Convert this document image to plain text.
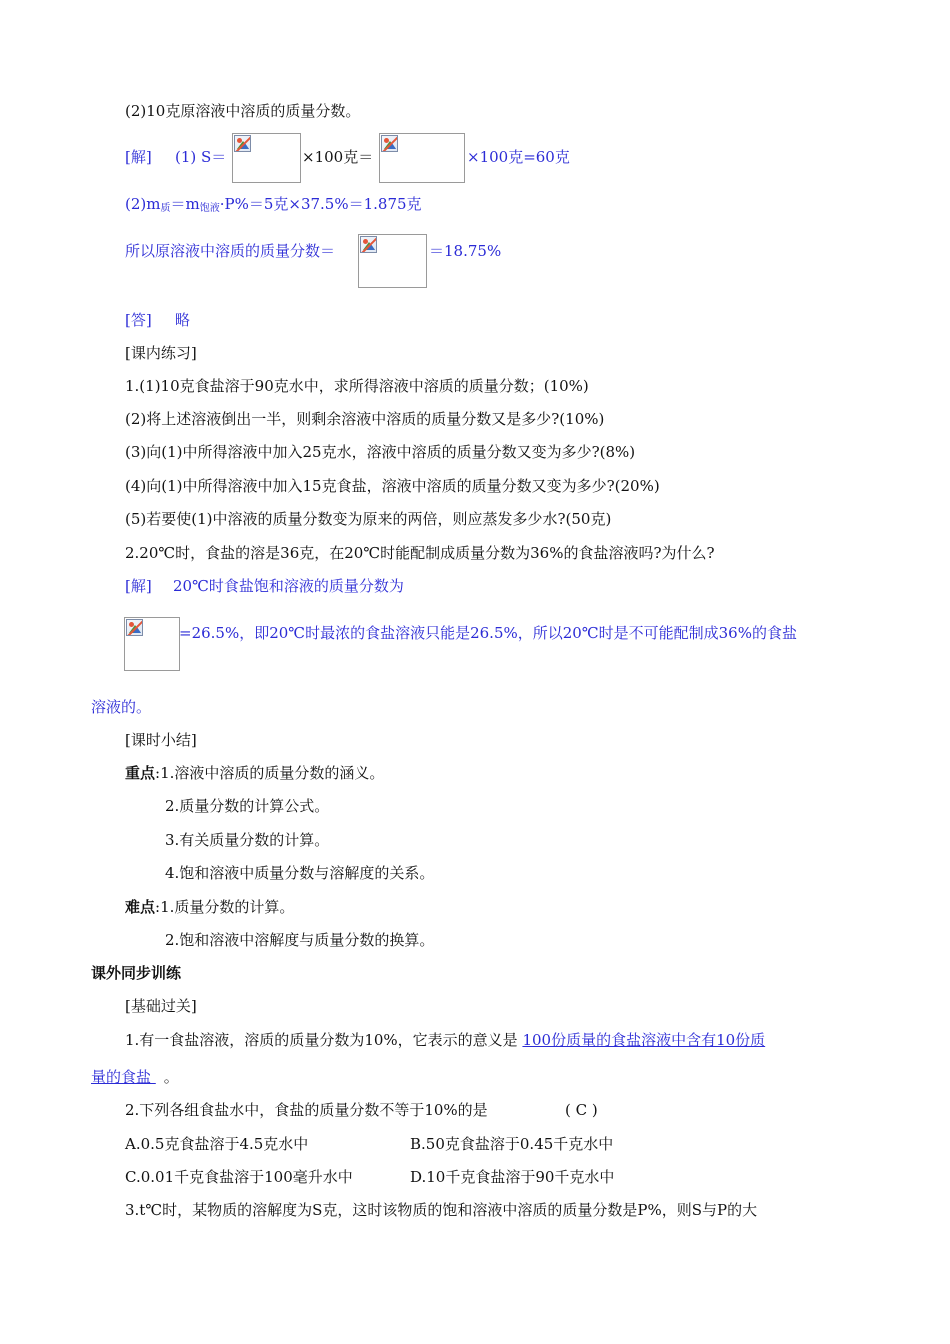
(2)10克原溶液中溶质的质量分数。
[解] (1) S＝	×100克＝	×100克=60克
(2)m质＝m饱液·P%＝5克×37.5%＝1.875克
所以原溶液中溶质的质量分数＝	＝18.75%
[答] 略
[课内练习]
1.(1)10克食盐溶于90克水中，求所得溶液中溶质的质量分数；(10%)
(2)将上述溶液倒出一半，则剩余溶液中溶质的质量分数又是多少?(10%)
(3)向(1)中所得溶液中加入25克水，溶液中溶质的质量分数又变为多少?(8%)
(4)向(1)中所得溶液中加入15克食盐，溶液中溶质的质量分数又变为多少?(20%)
(5)若要使(1)中溶液的质量分数变为原来的两倍，则应蒸发多少水?(50克)
2.20℃时，食盐的溶是36克，在20℃时能配制成质量分数为36%的食盐溶液吗?为什么?
[解] 20℃时食盐饱和溶液的质量分数为
=26.5%，即20℃时最浓的食盐溶液只能是26.5%，所以20℃时是不可能配制成36%的食盐
溶液的。
[课时小结]
重点:1.溶液中溶质的质量分数的涵义。
2.质量分数的计算公式。
3.有关质量分数的计算。
4.饱和溶液中质量分数与溶解度的关系。
难点:1.质量分数的计算。
2.饱和溶液中溶解度与质量分数的换算。
课外同步训练
[基础过关]
1.有一食盐溶液，溶质的质量分数为10%，它表示的意义是 100份质量的食盐溶液中含有10份质
量的食盐 。
2.下列各组食盐水中，食盐的质量分数不等于10%的是	( C )
A.0.5克食盐溶于4.5克水中	B.50克食盐溶于0.45千克水中
C.0.01千克食盐溶于100毫升水中	D.10千克食盐溶于90千克水中
3.t℃时，某物质的溶解度为S克，这时该物质的饱和溶液中溶质的质量分数是P%，则S与P的大
